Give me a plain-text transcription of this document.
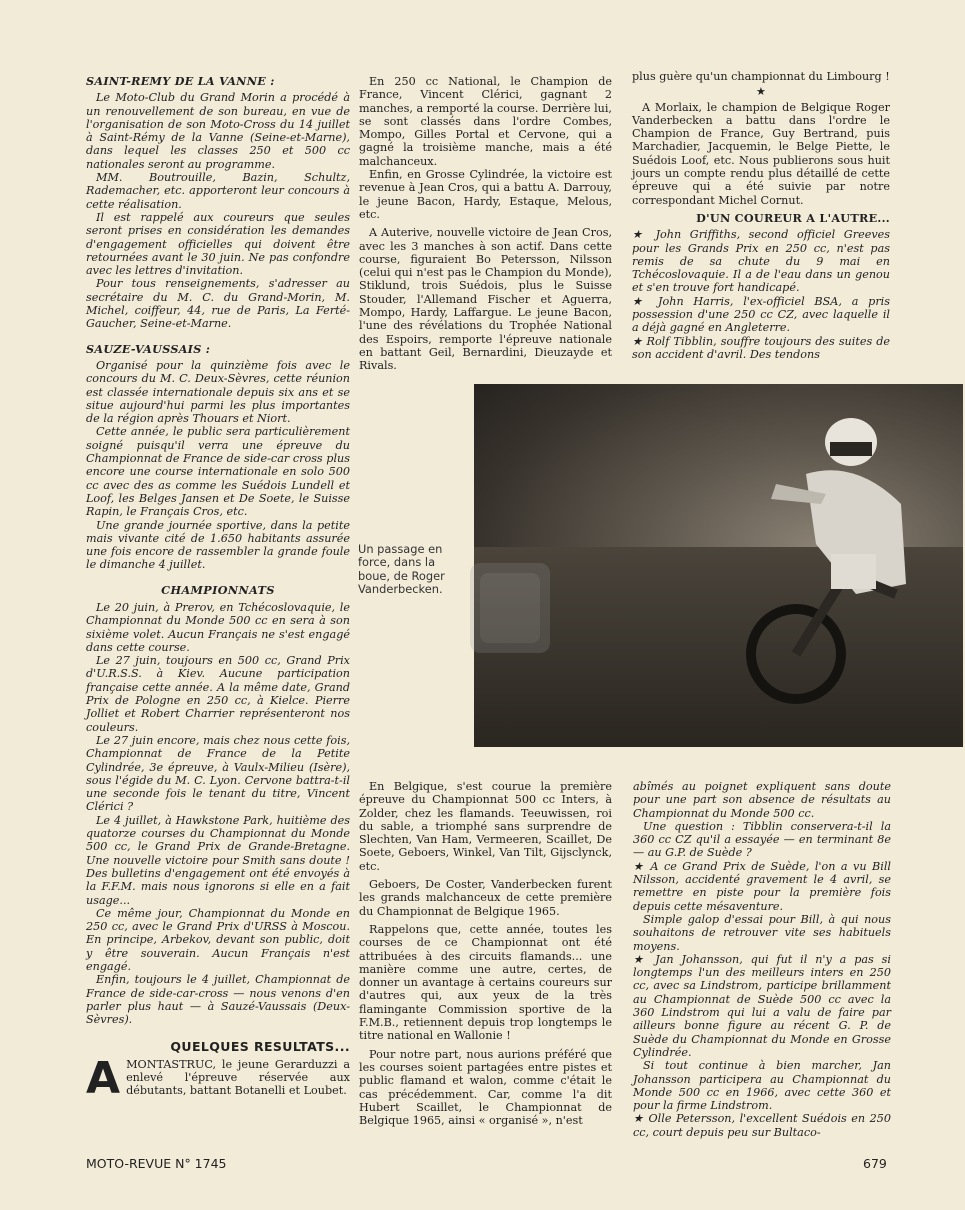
SAINT-REMY DE LA VANNE :

Le Moto-Club du Grand Morin a procédé à un renouvellement de son bureau, en vue de l'organisation de son Moto-Cross du 14 juillet à Saint-Rémy de la Vanne (Seine-et-Marne), dans lequel les classes 250 et 500 cc nationales seront au programme.

MM. Boutrouille, Bazin, Schultz, Rademacher, etc. apporteront leur concours à cette réalisation.

Il est rappelé aux coureurs que seules seront prises en considération les demandes d'engagement officielles qui doivent être retournées avant le 30 juin. Ne pas confondre avec les lettres d'invitation.

Pour tous renseignements, s'adresser au secrétaire du M. C. du Grand-Morin, M. Michel, coiffeur, 44, rue de Paris, La Ferté-Gaucher, Seine-et-Marne.

SAUZE-VAUSSAIS :

Organisé pour la quinzième fois avec le concours du M. C. Deux-Sèvres, cette réunion est classée internationale depuis six ans et se situe aujourd'hui parmi les plus importantes de la région après Thouars et Niort.

Cette année, le public sera particulièrement soigné puisqu'il verra une épreuve du Championnat de France de side-car cross plus encore une course internationale en solo 500 cc avec des as comme les Suédois Lundell et Loof, les Belges Jansen et De Soete, le Suisse Rapin, le Français Cros, etc.

Une grande journée sportive, dans la petite mais vivante cité de 1.650 habitants assurée une fois encore de rassembler la grande foule le dimanche 4 juillet.

CHAMPIONNATS

Le 20 juin, à Prerov, en Tchécoslovaquie, le Championnat du Monde 500 cc en sera à son sixième volet. Aucun Français ne s'est engagé dans cette course.

Le 27 juin, toujours en 500 cc, Grand Prix d'U.R.S.S. à Kiev. Aucune participation française cette année. A la même date, Grand Prix de Pologne en 250 cc, à Kielce. Pierre Jolliet et Robert Charrier représenteront nos couleurs.

Le 27 juin encore, mais chez nous cette fois, Championnat de France de la Petite Cylindrée, 3e épreuve, à Vaulx-Milieu (Isère), sous l'égide du M. C. Lyon. Cervone battra-t-il une seconde fois le tenant du titre, Vincent Clérici ?

Le 4 juillet, à Hawkstone Park, huitième des quatorze courses du Championnat du Monde 500 cc, le Grand Prix de Grande-Bretagne. Une nouvelle victoire pour Smith sans doute ! Des bulletins d'engagement ont été envoyés à la F.F.M. mais nous ignorons si elle en a fait usage...

Ce même jour, Championnat du Monde en 250 cc, avec le Grand Prix d'URSS à Moscou. En principe, Arbekov, devant son public, doit y être souverain. Aucun Français n'est engagé.

Enfin, toujours le 4 juillet, Championnat de France de side-car-cross — nous venons d'en parler plus haut — à Sauzé-Vaussais (Deux-Sèvres).

QUELQUES RESULTATS...
A MONTASTRUC, le jeune Gerarduzzi a enlevé l'épreuve réservée aux débutants, battant Botanelli et Loubet.

En 250 cc National, le Champion de France, Vincent Clérici, gagnant 2 manches, a remporté la course. Derrière lui, se sont classés dans l'ordre Combes, Mompo, Gilles Portal et Cervone, qui a gagné la troisième manche, mais a été malchanceux.

Enfin, en Grosse Cylindrée, la victoire est revenue à Jean Cros, qui a battu A. Darrouy, le jeune Bacon, Hardy, Estaque, Melous, etc.

A Auterive, nouvelle victoire de Jean Cros, avec les 3 manches à son actif. Dans cette course, figuraient Bo Petersson, Nilsson (celui qui n'est pas le Champion du Monde), Stiklund, trois Suédois, plus le Suisse Stouder, l'Allemand Fischer et Aguerra, Mompo, Hardy, Laffargue. Le jeune Bacon, l'une des révélations du Trophée National des Espoirs, remporte l'épreuve nationale en battant Geil, Bernardini, Dieuzayde et Rivals.

plus guère qu'un championnat du Limbourg !

★

A Morlaix, le champion de Belgique Roger Vanderbecken a battu dans l'ordre le Champion de France, Guy Bertrand, puis Marchadier, Jacquemin, le Belge Piette, le Suédois Loof, etc. Nous publierons sous huit jours un compte rendu plus détaillé de cette épreuve qui a été suivie par notre correspondant Michel Cornut.

D'UN COUREUR A L'AUTRE...

★ John Griffiths, second officiel Greeves pour les Grands Prix en 250 cc, n'est pas remis de sa chute du 9 mai en Tchécoslovaquie. Il a de l'eau dans un genou et s'en trouve fort handicapé.

★ John Harris, l'ex-officiel BSA, a pris possession d'une 250 cc CZ, avec laquelle il a déjà gagné en Angleterre.

★ Rolf Tibblin, souffre toujours des suites de son accident d'avril. Des tendons

Un passage en force, dans la boue, de Roger Vanderbecken.

En Belgique, s'est courue la première épreuve du Championnat 500 cc Inters, à Zolder, chez les flamands. Teeuwissen, roi du sable, a triomphé sans surprendre de Slechten, Van Ham, Vermeeren, Scaillet, De Soete, Geboers, Winkel, Van Tilt, Gijsclynck, etc.

Geboers, De Coster, Vanderbecken furent les grands malchanceux de cette première du Championnat de Belgique 1965.

Rappelons que, cette année, toutes les courses de ce Championnat ont été attribuées à des circuits flamands... une manière comme une autre, certes, de donner un avantage à certains coureurs sur d'autres qui, aux yeux de la très flamingante Commission sportive de la F.M.B., retiennent depuis trop longtemps le titre national en Wallonie !

Pour notre part, nous aurions préféré que les courses soient partagées entre pistes et public flamand et walon, comme c'était le cas précédemment. Car, comme l'a dit Hubert Scaillet, le Championnat de Belgique 1965, ainsi « organisé », n'est

abîmés au poignet expliquent sans doute pour une part son absence de résultats au Championnat du Monde 500 cc.

Une question : Tibblin conservera-t-il la 360 cc CZ qu'il a essayée — en terminant 8e — au G.P. de Suède ?

★ A ce Grand Prix de Suède, l'on a vu Bill Nilsson, accidenté gravement le 4 avril, se remettre en piste pour la première fois depuis cette mésaventure.

Simple galop d'essai pour Bill, à qui nous souhaitons de retrouver vite ses habituels moyens.

★ Jan Johansson, qui fut il n'y a pas si longtemps l'un des meilleurs inters en 250 cc, avec sa Lindstrom, participe brillamment au Championnat de Suède 500 cc avec la 360 Lindstrom qui lui a valu de faire par ailleurs bonne figure au récent G. P. de Suède du Championnat du Monde en Grosse Cylindrée.

Si tout continue à bien marcher, Jan Johansson participera au Championnat du Monde 500 cc en 1966, avec cette 360 et pour la firme Lindstrom.

★ Olle Petersson, l'excellent Suédois en 250 cc, court depuis peu sur Bultaco-

MOTO-REVUE N° 1745	679
